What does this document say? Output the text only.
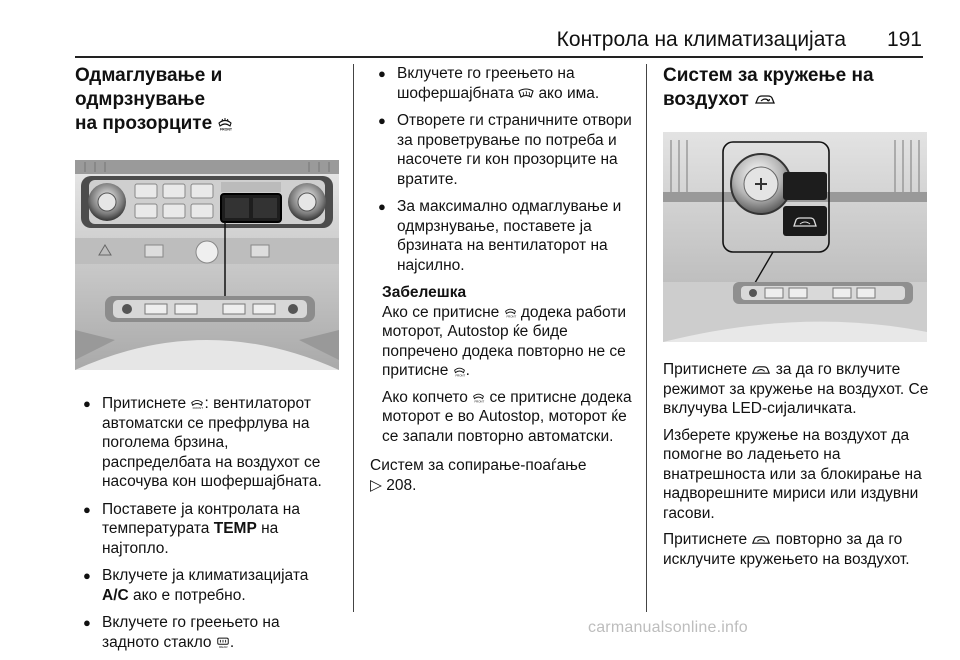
Контрола на климатизацијата 191
Одмаглување и одмрзнување
на прозорците FRONT
● Притиснете FRONT : вентилаторот автоматски се префрлува на поголема брзина, распределбата на воздухот се насочува кон шофершајбната.
● Поставете ја контролата на температурата TEMP на најтопло.
● Вклучете ја климатизацијата A/C ако е потребно.
● Вклучете го греењето на задното стакло REAR .
● Вклучете го греењето на шофершајбната ако има.
● Отворете ги страничните отвори за проветрување по потреба и насочете ги кон прозорците на вратите.
● За максимално одмаглување и одмрзнување, поставете ја брзината на вентилаторот на најсилно.
Забелешка

Ако се притисне FRONT додека работи моторот, Autostop ќе биде попречено додека повторно не се притисне FRONT .

Ако копчето FRONT се притисне додека моторот е во Autostop, моторот ќе се запали повторно автоматски.

Систем за сопирање-поаѓање
▷ 208.

Систем за кружење на
воздухот

Притиснете за да го вклучите режимот за кружење на воздухот. Се вклучува LED-сијаличката.

Изберете кружење на воздухот да помогне во ладењето на внатрешноста или за блокирање на надворешните мириси или издувни гасови.

Притиснете повторно за да го исклучите кружењето на воздухот.

carmanualsonline.info
